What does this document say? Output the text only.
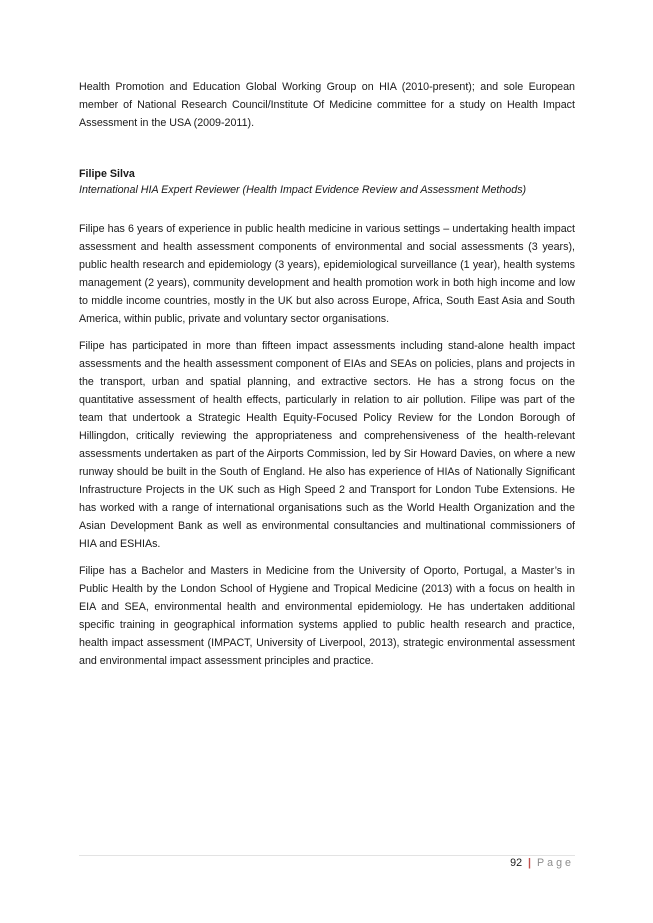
Health Promotion and Education Global Working Group on HIA (2010-present); and sole European member of National Research Council/Institute Of Medicine committee for a study on Health Impact Assessment in the USA (2009-2011).

Filipe Silva

International HIA Expert Reviewer (Health Impact Evidence Review and Assessment Methods)

Filipe has 6 years of experience in public health medicine in various settings – undertaking health impact assessment and health assessment components of environmental and social assessments (3 years), public health research and epidemiology (3 years), epidemiological surveillance (1 year), health systems management (2 years), community development and health promotion work in both high income and low to middle income countries, mostly in the UK but also across Europe, Africa, South East Asia and South America, within public, private and voluntary sector organisations.

Filipe has participated in more than fifteen impact assessments including stand-alone health impact assessments and the health assessment component of EIAs and SEAs on policies, plans and projects in the transport, urban and spatial planning, and extractive sectors. He has a strong focus on the quantitative assessment of health effects, particularly in relation to air pollution. Filipe was part of the team that undertook a Strategic Health Equity-Focused Policy Review for the London Borough of Hillingdon, critically reviewing the appropriateness and comprehensiveness of the health-relevant assessments undertaken as part of the Airports Commission, led by Sir Howard Davies, on where a new runway should be built in the South of England. He also has experience of HIAs of Nationally Significant Infrastructure Projects in the UK such as High Speed 2 and Transport for London Tube Extensions. He has worked with a range of international organisations such as the World Health Organization and the Asian Development Bank as well as environmental consultancies and multinational commissioners of HIA and ESHIAs.

Filipe has a Bachelor and Masters in Medicine from the University of Oporto, Portugal, a Master’s in Public Health by the London School of Hygiene and Tropical Medicine (2013) with a focus on health in EIA and SEA, environmental health and environmental epidemiology. He has undertaken additional specific training in geographical information systems applied to public health research and practice, health impact assessment (IMPACT, University of Liverpool, 2013), strategic environmental assessment and environmental impact assessment principles and practice.

92 | Page
